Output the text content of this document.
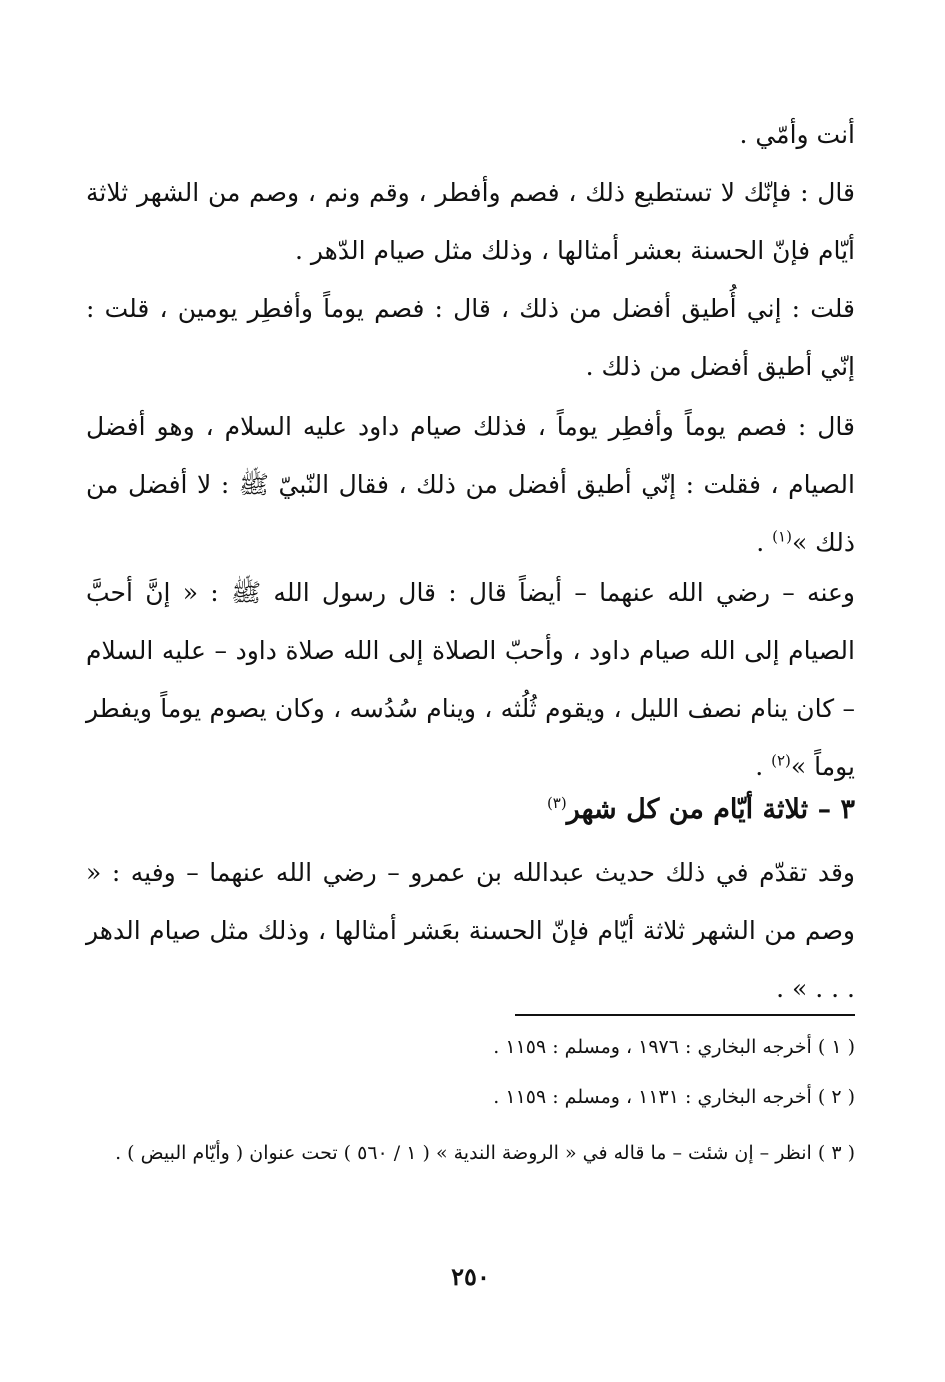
أنت وأمّي .

قال : فإنّك لا تستطيع ذلك ، فصم وأفطر ، وقم ونم ، وصم من الشهر ثلاثة أيّام فإنّ الحسنة بعشر أمثالها ، وذلك مثل صيام الدّهر .

قلت : إني أُطيق أفضل من ذلك ، قال : فصم يوماً وأفطِر يومين ، قلت : إنّي أطيق أفضل من ذلك .

قال : فصم يوماً وأفطِر يوماً ، فذلك صيام داود عليه السلام ، وهو أفضل الصيام ، فقلت : إنّي أطيق أفضل من ذلك ، فقال النّبيّ ﷺ : لا أفضل من ذلك »$^{(١)}$ .

وعنه – رضي الله عنهما – أيضاً قال : قال رسول الله ﷺ : « إنَّ أحبَّ الصيام إلى الله صيام داود ، وأحبّ الصلاة إلى الله صلاة داود – عليه السلام – كان ينام نصف الليل ، ويقوم ثُلُثه ، وينام سُدُسه ، وكان يصوم يوماً ويفطر يوماً »$^{(٢)}$ .

٣ – ثلاثة أيّام من كل شهر$^{(٣)}$

وقد تقدّم في ذلك حديث عبدالله بن عمرو – رضي الله عنهما – وفيه : « وصم من الشهر ثلاثة أيّام فإنّ الحسنة بعَشر أمثالها ، وذلك مثل صيام الدهر . . . » .

( ١ ) أخرجه البخاري : ١٩٧٦ ، ومسلم : ١١٥٩ .

( ٢ ) أخرجه البخاري : ١١٣١ ، ومسلم : ١١٥٩ .

( ٣ ) انظر – إن شئت – ما قاله في « الروضة الندية » ( ١ / ٥٦٠ ) تحت عنوان ( وأيّام البيض ) .

٢٥٠
